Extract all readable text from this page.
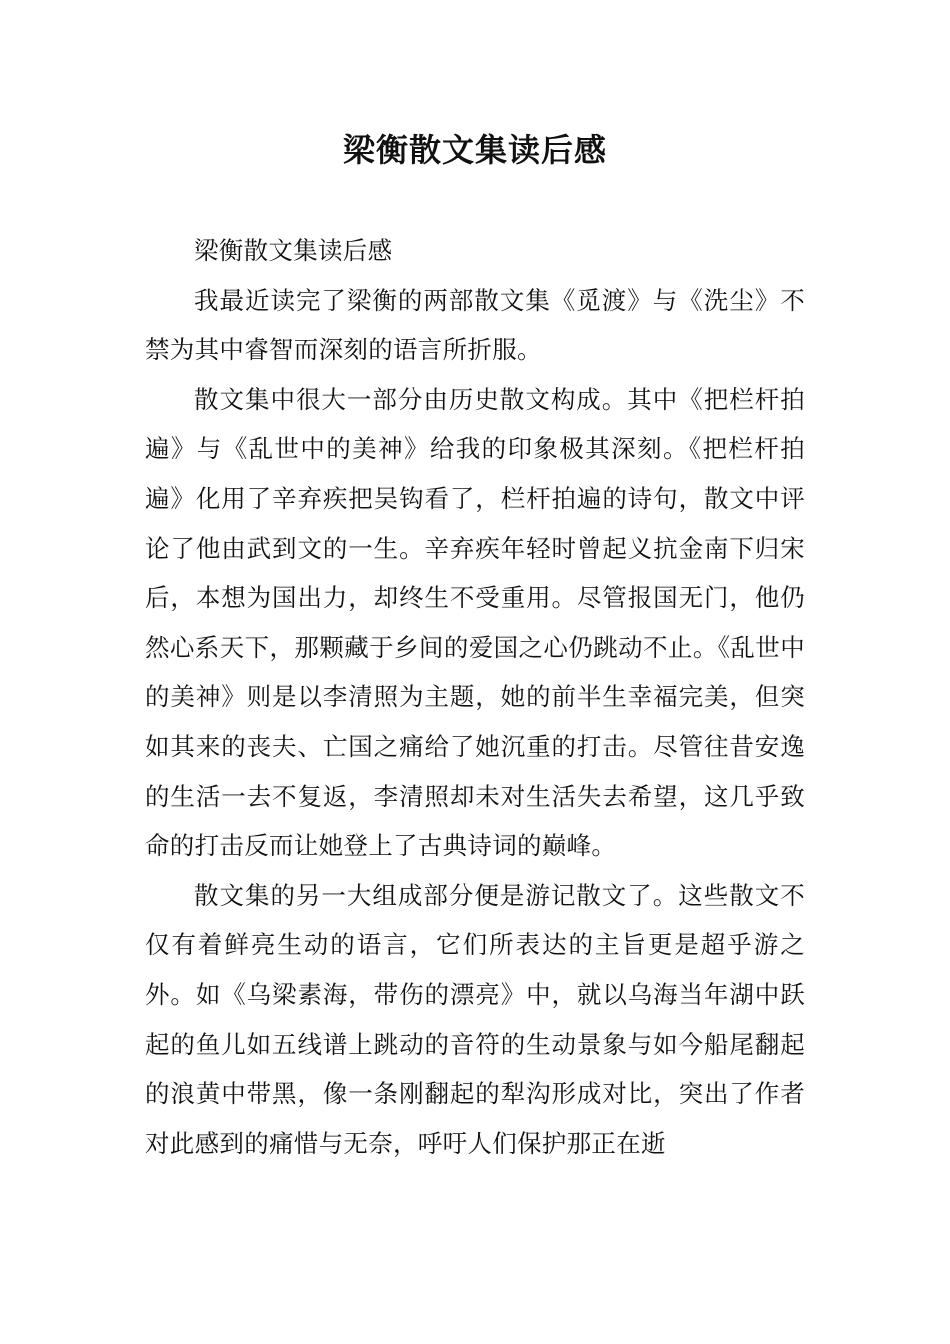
梁衡散文集读后感

梁衡散文集读后感

我最近读完了梁衡的两部散文集《觅渡》与《洗尘》不禁为其中睿智而深刻的语言所折服。

散文集中很大一部分由历史散文构成。其中《把栏杆拍遍》与《乱世中的美神》给我的印象极其深刻。《把栏杆拍遍》化用了辛弃疾把吴钩看了，栏杆拍遍的诗句，散文中评论了他由武到文的一生。辛弃疾年轻时曾起义抗金南下归宋后，本想为国出力，却终生不受重用。尽管报国无门，他仍然心系天下，那颗藏于乡间的爱国之心仍跳动不止。《乱世中的美神》则是以李清照为主题，她的前半生幸福完美，但突如其来的丧夫、亡国之痛给了她沉重的打击。尽管往昔安逸的生活一去不复返，李清照却未对生活失去希望，这几乎致命的打击反而让她登上了古典诗词的巅峰。

散文集的另一大组成部分便是游记散文了。这些散文不仅有着鲜亮生动的语言，它们所表达的主旨更是超乎游之外。如《乌梁素海，带伤的漂亮》中，就以乌海当年湖中跃起的鱼儿如五线谱上跳动的音符的生动景象与如今船尾翻起的浪黄中带黑，像一条刚翻起的犁沟形成对比，突出了作者对此感到的痛惜与无奈，呼吁人们保护那正在逝
